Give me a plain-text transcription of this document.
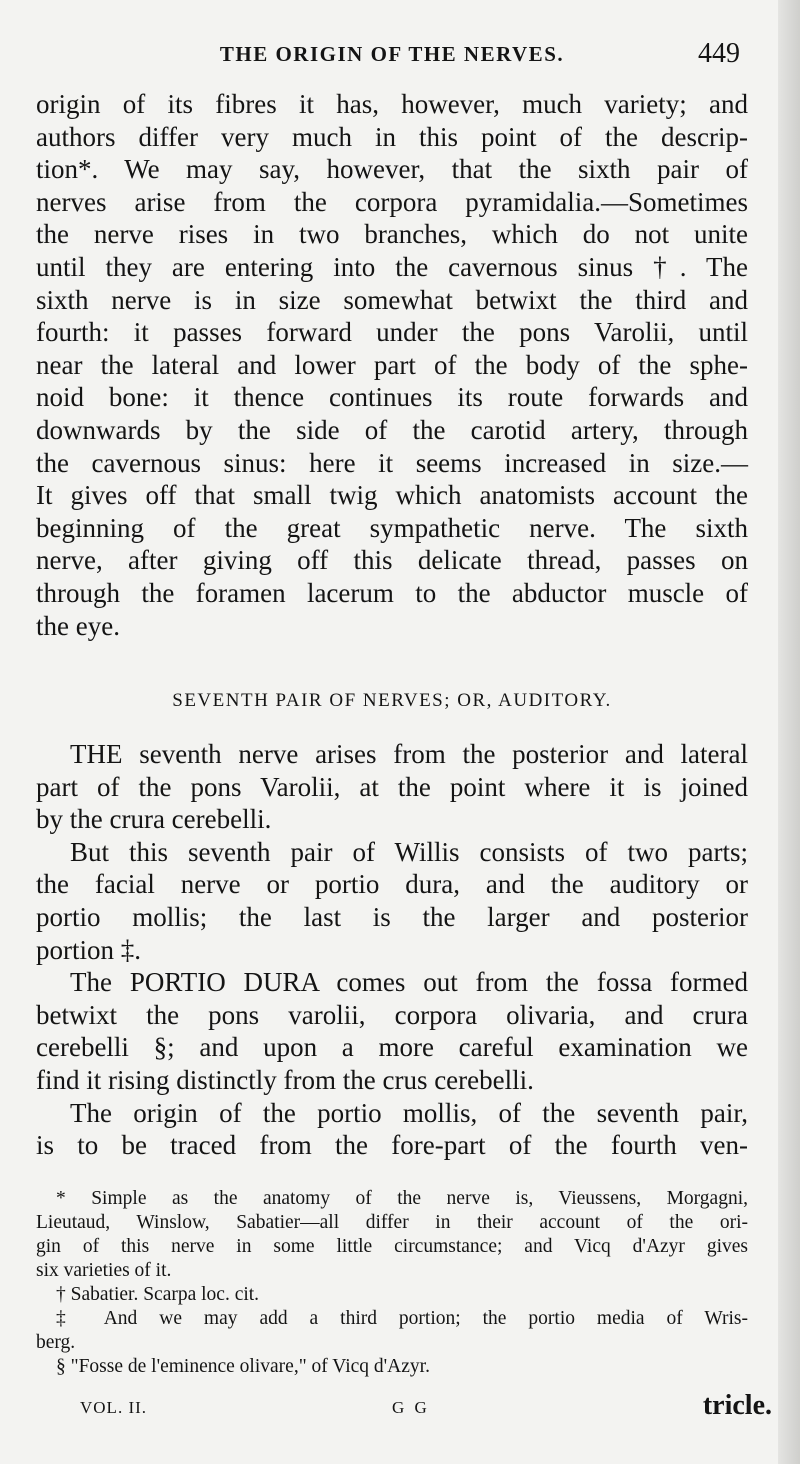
THE ORIGIN OF THE NERVES.	449
origin of its fibres it has, however, much variety; and
authors differ very much in this point of the descrip-
tion*. We may say, however, that the sixth pair of
nerves arise from the corpora pyramidalia.—Sometimes
the nerve rises in two branches, which do not unite
until they are entering into the cavernous sinus †. The
sixth nerve is in size somewhat betwixt the third and
fourth: it passes forward under the pons Varolii, until
near the lateral and lower part of the body of the sphe-
noid bone: it thence continues its route forwards and
downwards by the side of the carotid artery, through
the cavernous sinus: here it seems increased in size.—
It gives off that small twig which anatomists account the
beginning of the great sympathetic nerve. The sixth
nerve, after giving off this delicate thread, passes on
through the foramen lacerum to the abductor muscle of
the eye.
SEVENTH PAIR OF NERVES; OR, AUDITORY.
THE seventh nerve arises from the posterior and lateral
part of the pons Varolii, at the point where it is joined
by the crura cerebelli.
But this seventh pair of Willis consists of two parts;
the facial nerve or portio dura, and the auditory or
portio mollis; the last is the larger and posterior
portion ‡.
The PORTIO DURA comes out from the fossa formed
betwixt the pons varolii, corpora olivaria, and crura
cerebelli §; and upon a more careful examination we
find it rising distinctly from the crus cerebelli.
The origin of the portio mollis, of the seventh pair,
is to be traced from the fore-part of the fourth ven-
* Simple as the anatomy of the nerve is, Vieussens, Morgagni,
Lieutaud, Winslow, Sabatier—all differ in their account of the ori-
gin of this nerve in some little circumstance; and Vicq d'Azyr gives
six varieties of it.
† Sabatier. Scarpa loc. cit.
‡ And we may add a third portion; the portio media of Wris-
berg.
§ "Fosse de l'eminence olivare," of Vicq d'Azyr.
VOL. II.	G G	tricle.
